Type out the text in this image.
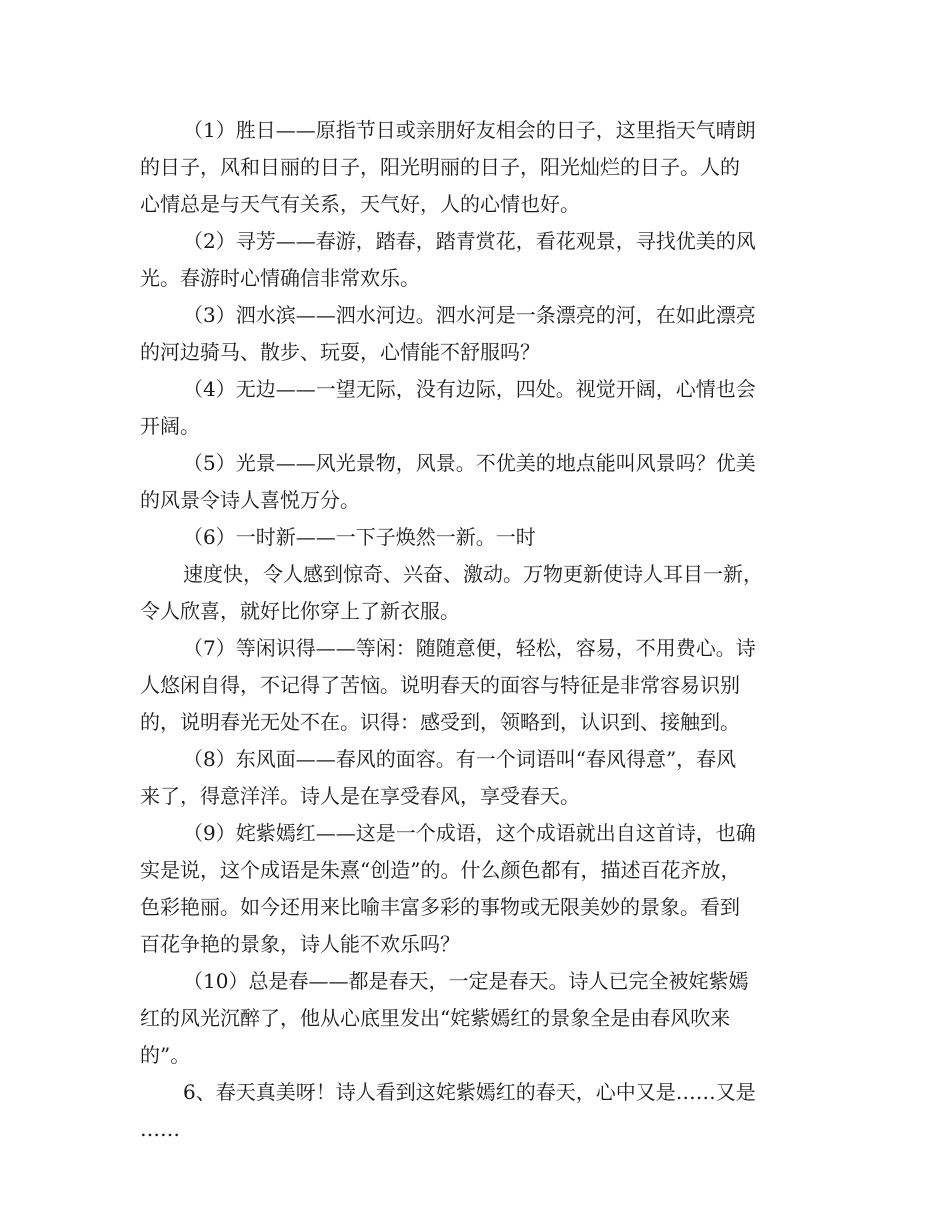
（1）胜日——原指节日或亲朋好友相会的日子，这里指天气晴朗
的日子，风和日丽的日子，阳光明丽的日子，阳光灿烂的日子。人的
心情总是与天气有关系，天气好，人的心情也好。
（2）寻芳——春游，踏春，踏青赏花，看花观景，寻找优美的风
光。春游时心情确信非常欢乐。
（3）泗水滨——泗水河边。泗水河是一条漂亮的河，在如此漂亮
的河边骑马、散步、玩耍，心情能不舒服吗？
（4）无边——一望无际，没有边际，四处。视觉开阔，心情也会
开阔。
（5）光景——风光景物，风景。不优美的地点能叫风景吗？优美
的风景令诗人喜悦万分。
（6）一时新——一下子焕然一新。一时
速度快，令人感到惊奇、兴奋、激动。万物更新使诗人耳目一新，
令人欣喜，就好比你穿上了新衣服。
（7）等闲识得——等闲：随随意便，轻松，容易，不用费心。诗
人悠闲自得，不记得了苦恼。说明春天的面容与特征是非常容易识别
的，说明春光无处不在。识得：感受到，领略到，认识到、接触到。
（8）东风面——春风的面容。有一个词语叫“春风得意”，春风
来了，得意洋洋。诗人是在享受春风，享受春天。
（9）姹紫嫣红——这是一个成语，这个成语就出自这首诗，也确
实是说，这个成语是朱熹“创造”的。什么颜色都有，描述百花齐放，
色彩艳丽。如今还用来比喻丰富多彩的事物或无限美妙的景象。看到
百花争艳的景象，诗人能不欢乐吗？
（10）总是春——都是春天，一定是春天。诗人已完全被姹紫嫣
红的风光沉醉了，他从心底里发出“姹紫嫣红的景象全是由春风吹来
的”。
6、春天真美呀！诗人看到这姹紫嫣红的春天，心中又是……又是
……
